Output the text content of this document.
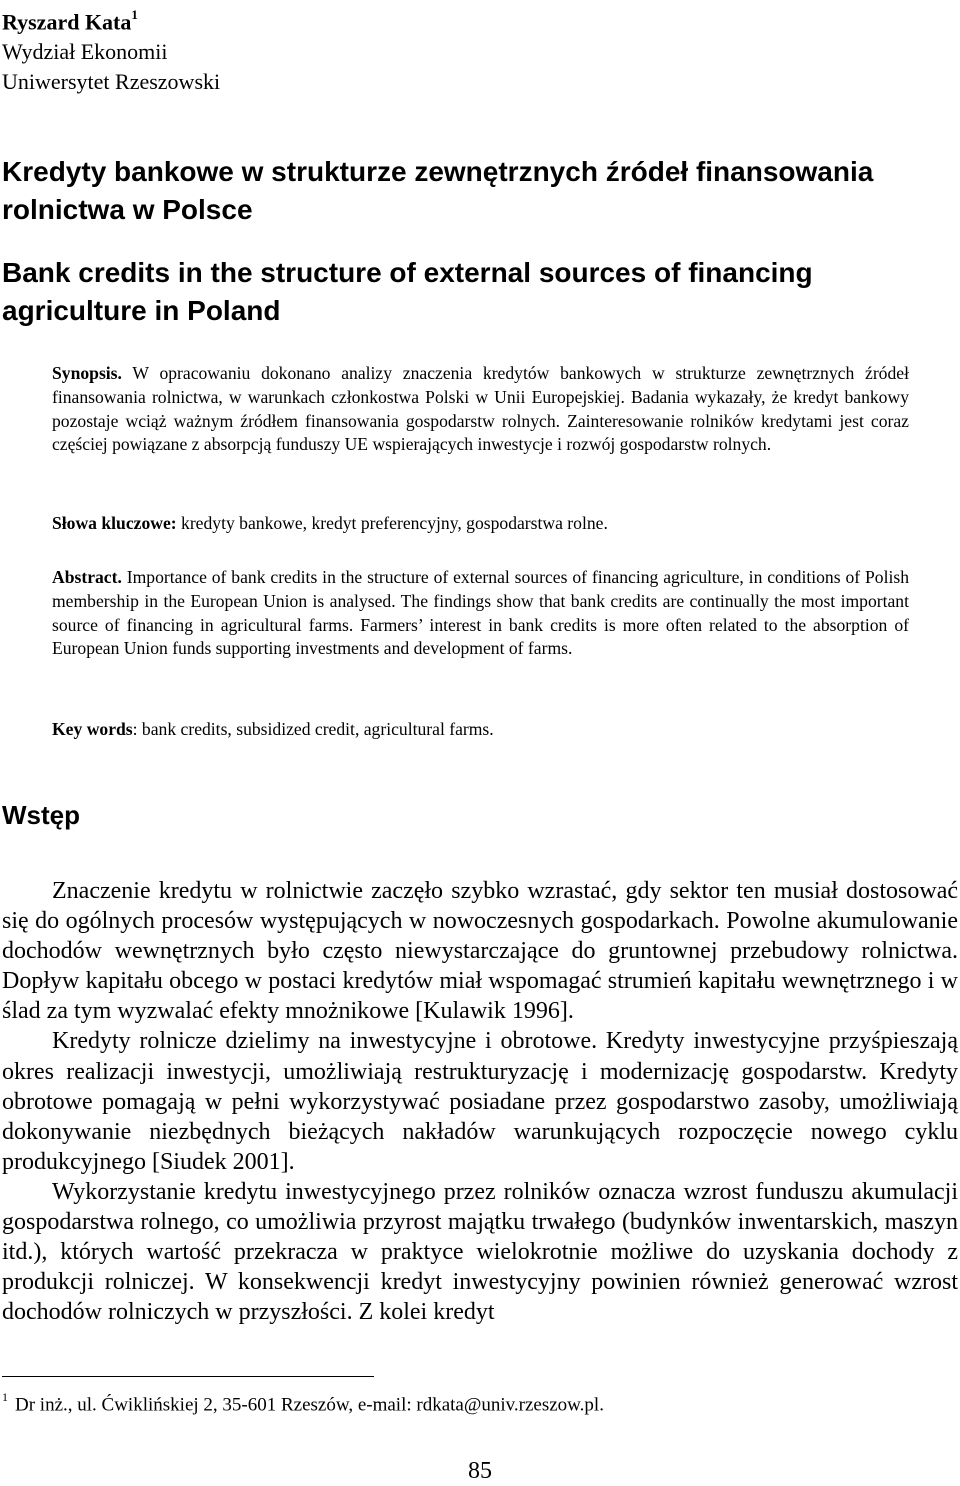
Ryszard Kata$^1$
Wydział Ekonomii
Uniwersytet Rzeszowski
Kredyty bankowe w strukturze zewnętrznych źródeł finansowania rolnictwa w Polsce
Bank credits in the structure of external sources of financing agriculture in Poland
Synopsis. W opracowaniu dokonano analizy znaczenia kredytów bankowych w strukturze zewnętrznych źródeł finansowania rolnictwa, w warunkach członkostwa Polski w Unii Europejskiej. Badania wykazały, że kredyt bankowy pozostaje wciąż ważnym źródłem finansowania gospodarstw rolnych. Zainteresowanie rolników kredytami jest coraz częściej powiązane z absorpcją funduszy UE wspierających inwestycje i rozwój gospodarstw rolnych.
Słowa kluczowe: kredyty bankowe, kredyt preferencyjny, gospodarstwa rolne.
Abstract. Importance of bank credits in the structure of external sources of financing agriculture, in conditions of Polish membership in the European Union is analysed. The findings show that bank credits are continually the most important source of financing in agricultural farms. Farmers’ interest in bank credits is more often related to the absorption of European Union funds supporting investments and development of farms.
Key words: bank credits, subsidized credit, agricultural farms.
Wstęp

Znaczenie kredytu w rolnictwie zaczęło szybko wzrastać, gdy sektor ten musiał dostosować się do ogólnych procesów występujących w nowoczesnych gospodarkach. Powolne akumulowanie dochodów wewnętrznych było często niewystarczające do gruntownej przebudowy rolnictwa. Dopływ kapitału obcego w postaci kredytów miał wspomagać strumień kapitału wewnętrznego i w ślad za tym wyzwalać efekty mnożnikowe [Kulawik 1996].

Kredyty rolnicze dzielimy na inwestycyjne i obrotowe. Kredyty inwestycyjne przyśpieszają okres realizacji inwestycji, umożliwiają restrukturyzację i modernizację gospodarstw. Kredyty obrotowe pomagają w pełni wykorzystywać posiadane przez gospodarstwo zasoby, umożliwiają dokonywanie niezbędnych bieżących nakładów warunkujących rozpoczęcie nowego cyklu produkcyjnego [Siudek 2001].

Wykorzystanie kredytu inwestycyjnego przez rolników oznacza wzrost funduszu akumulacji gospodarstwa rolnego, co umożliwia przyrost majątku trwałego (budynków inwentarskich, maszyn itd.), których wartość przekracza w praktyce wielokrotnie możliwe do uzyskania dochody z produkcji rolniczej. W konsekwencji kredyt inwestycyjny powinien również generować wzrost dochodów rolniczych w przyszłości. Z kolei kredyt

$^1$ Dr inż., ul. Ćwiklińskiej 2, 35-601 Rzeszów, e-mail: rdkata@univ.rzeszow.pl.
85
